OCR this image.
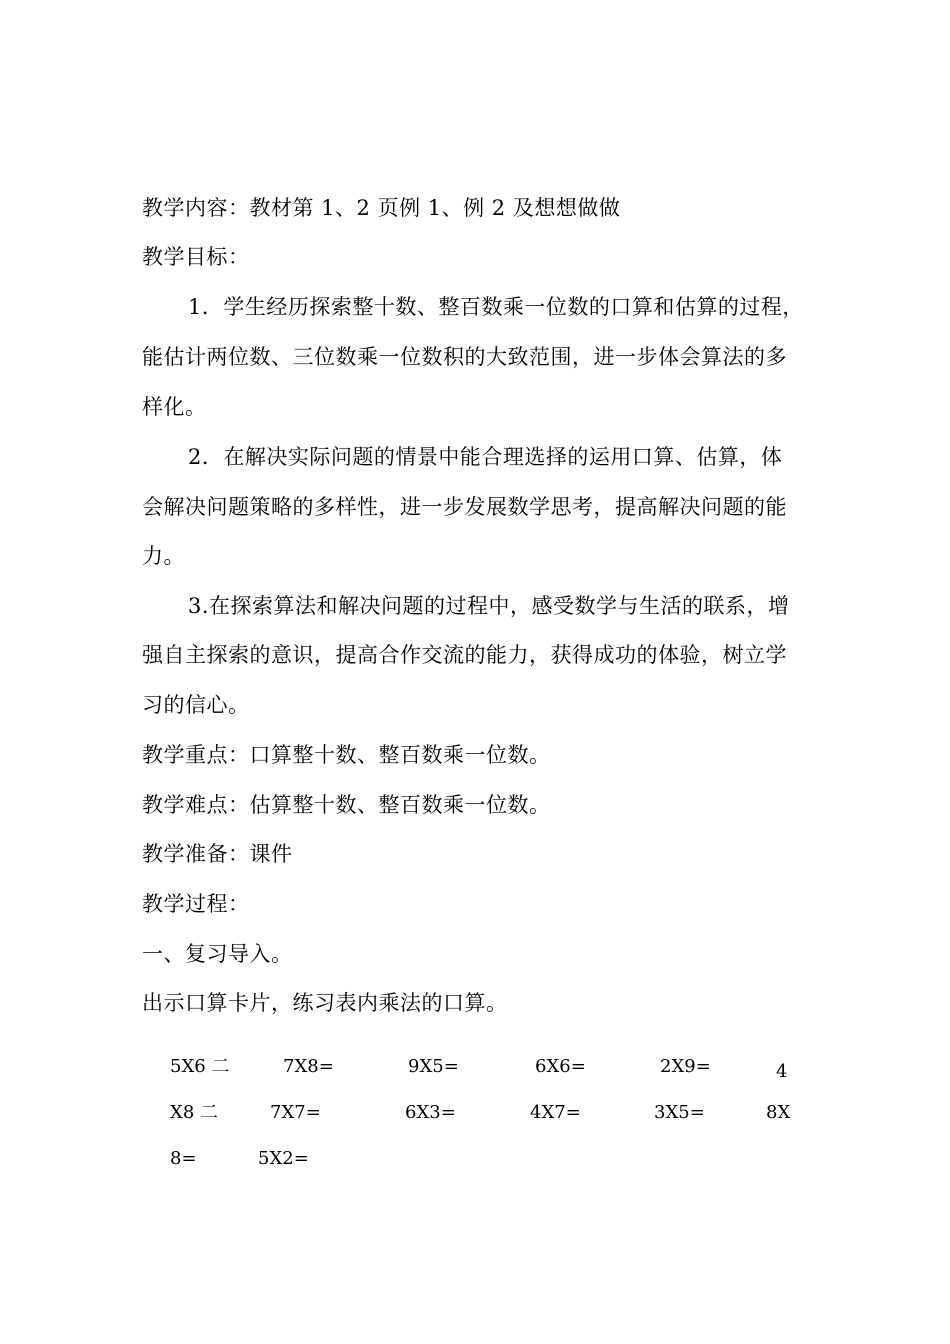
教学内容：教材第 1、2 页例 1、例 2 及想想做做
教学目标：
1．学生经历探索整十数、整百数乘一位数的口算和估算的过程，
能估计两位数、三位数乘一位数积的大致范围，进一步体会算法的多
样化。
2．在解决实际问题的情景中能合理选择的运用口算、估算，体
会解决问题策略的多样性，进一步发展数学思考，提高解决问题的能
力。
3.在探索算法和解决问题的过程中，感受数学与生活的联系，增
强自主探索的意识，提高合作交流的能力，获得成功的体验，树立学
习的信心。
教学重点：口算整十数、整百数乘一位数。
教学难点：估算整十数、整百数乘一位数。
教学准备：课件
教学过程：
一、复习导入。
出示口算卡片，练习表内乘法的口算。
5X6 二	7X8=	9X5=	6X6=	2X9=	4
X8 二	7X7=	6X3=	4X7=	3X5=	8X
8=	5X2=
